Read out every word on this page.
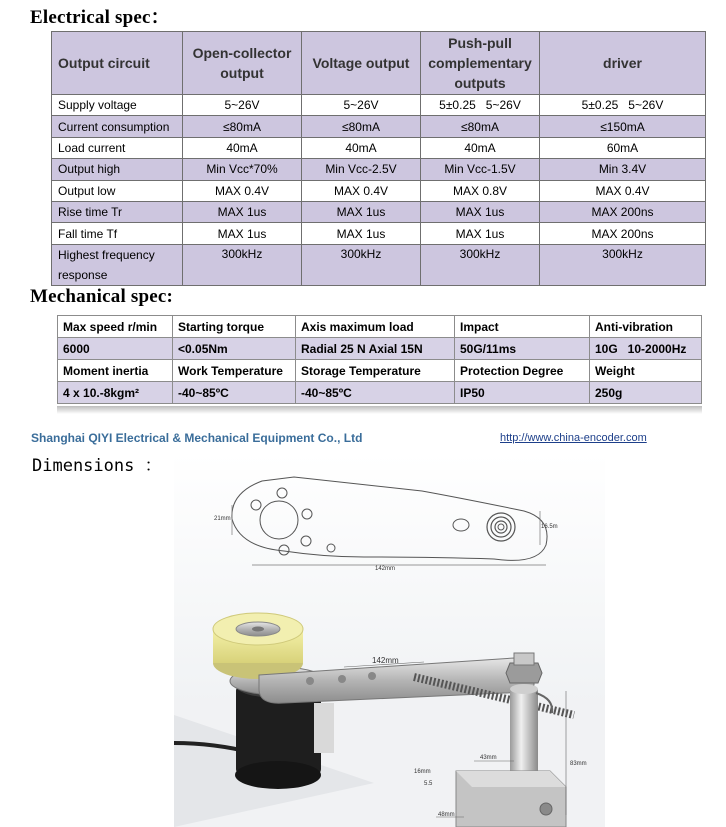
Electrical spec：
Output circuit	Open-collector output	Voltage output	Push-pull complementary outputs	driver
Supply voltage	5~26V	5~26V	5±0.25   5~26V	5±0.25   5~26V
Current consumption	≤80mA	≤80mA	≤80mA	≤150mA
Load current	40mA	40mA	40mA	60mA
Output high	Min Vcc*70%	Min Vcc-2.5V	Min Vcc-1.5V	Min 3.4V
Output low	MAX 0.4V	MAX 0.4V	MAX 0.8V	MAX 0.4V
Rise time Tr	MAX 1us	MAX 1us	MAX 1us	MAX 200ns
Fall time Tf	MAX 1us	MAX 1us	MAX 1us	MAX 200ns
Highest frequency response	300kHz	300kHz	300kHz	300kHz
Mechanical spec:
Max speed r/min	Starting torque	Axis maximum load	Impact	Anti-vibration
6000	<0.05Nm	Radial 25 N Axial 15N	50G/11ms	10G   10-2000Hz
Moment inertia	Work Temperature	Storage Temperature	Protection Degree	Weight
4 x 10.-8kgm²	-40~85ºC	-40~85ºC	IP50	250g
Shanghai QIYI Electrical & Mechanical Equipment Co., Ltd	http://www.china-encoder.com
Dimensions ：
21mm
16.5m
142mm
142mm
43mm
83mm
16mm
5.5
48mm
